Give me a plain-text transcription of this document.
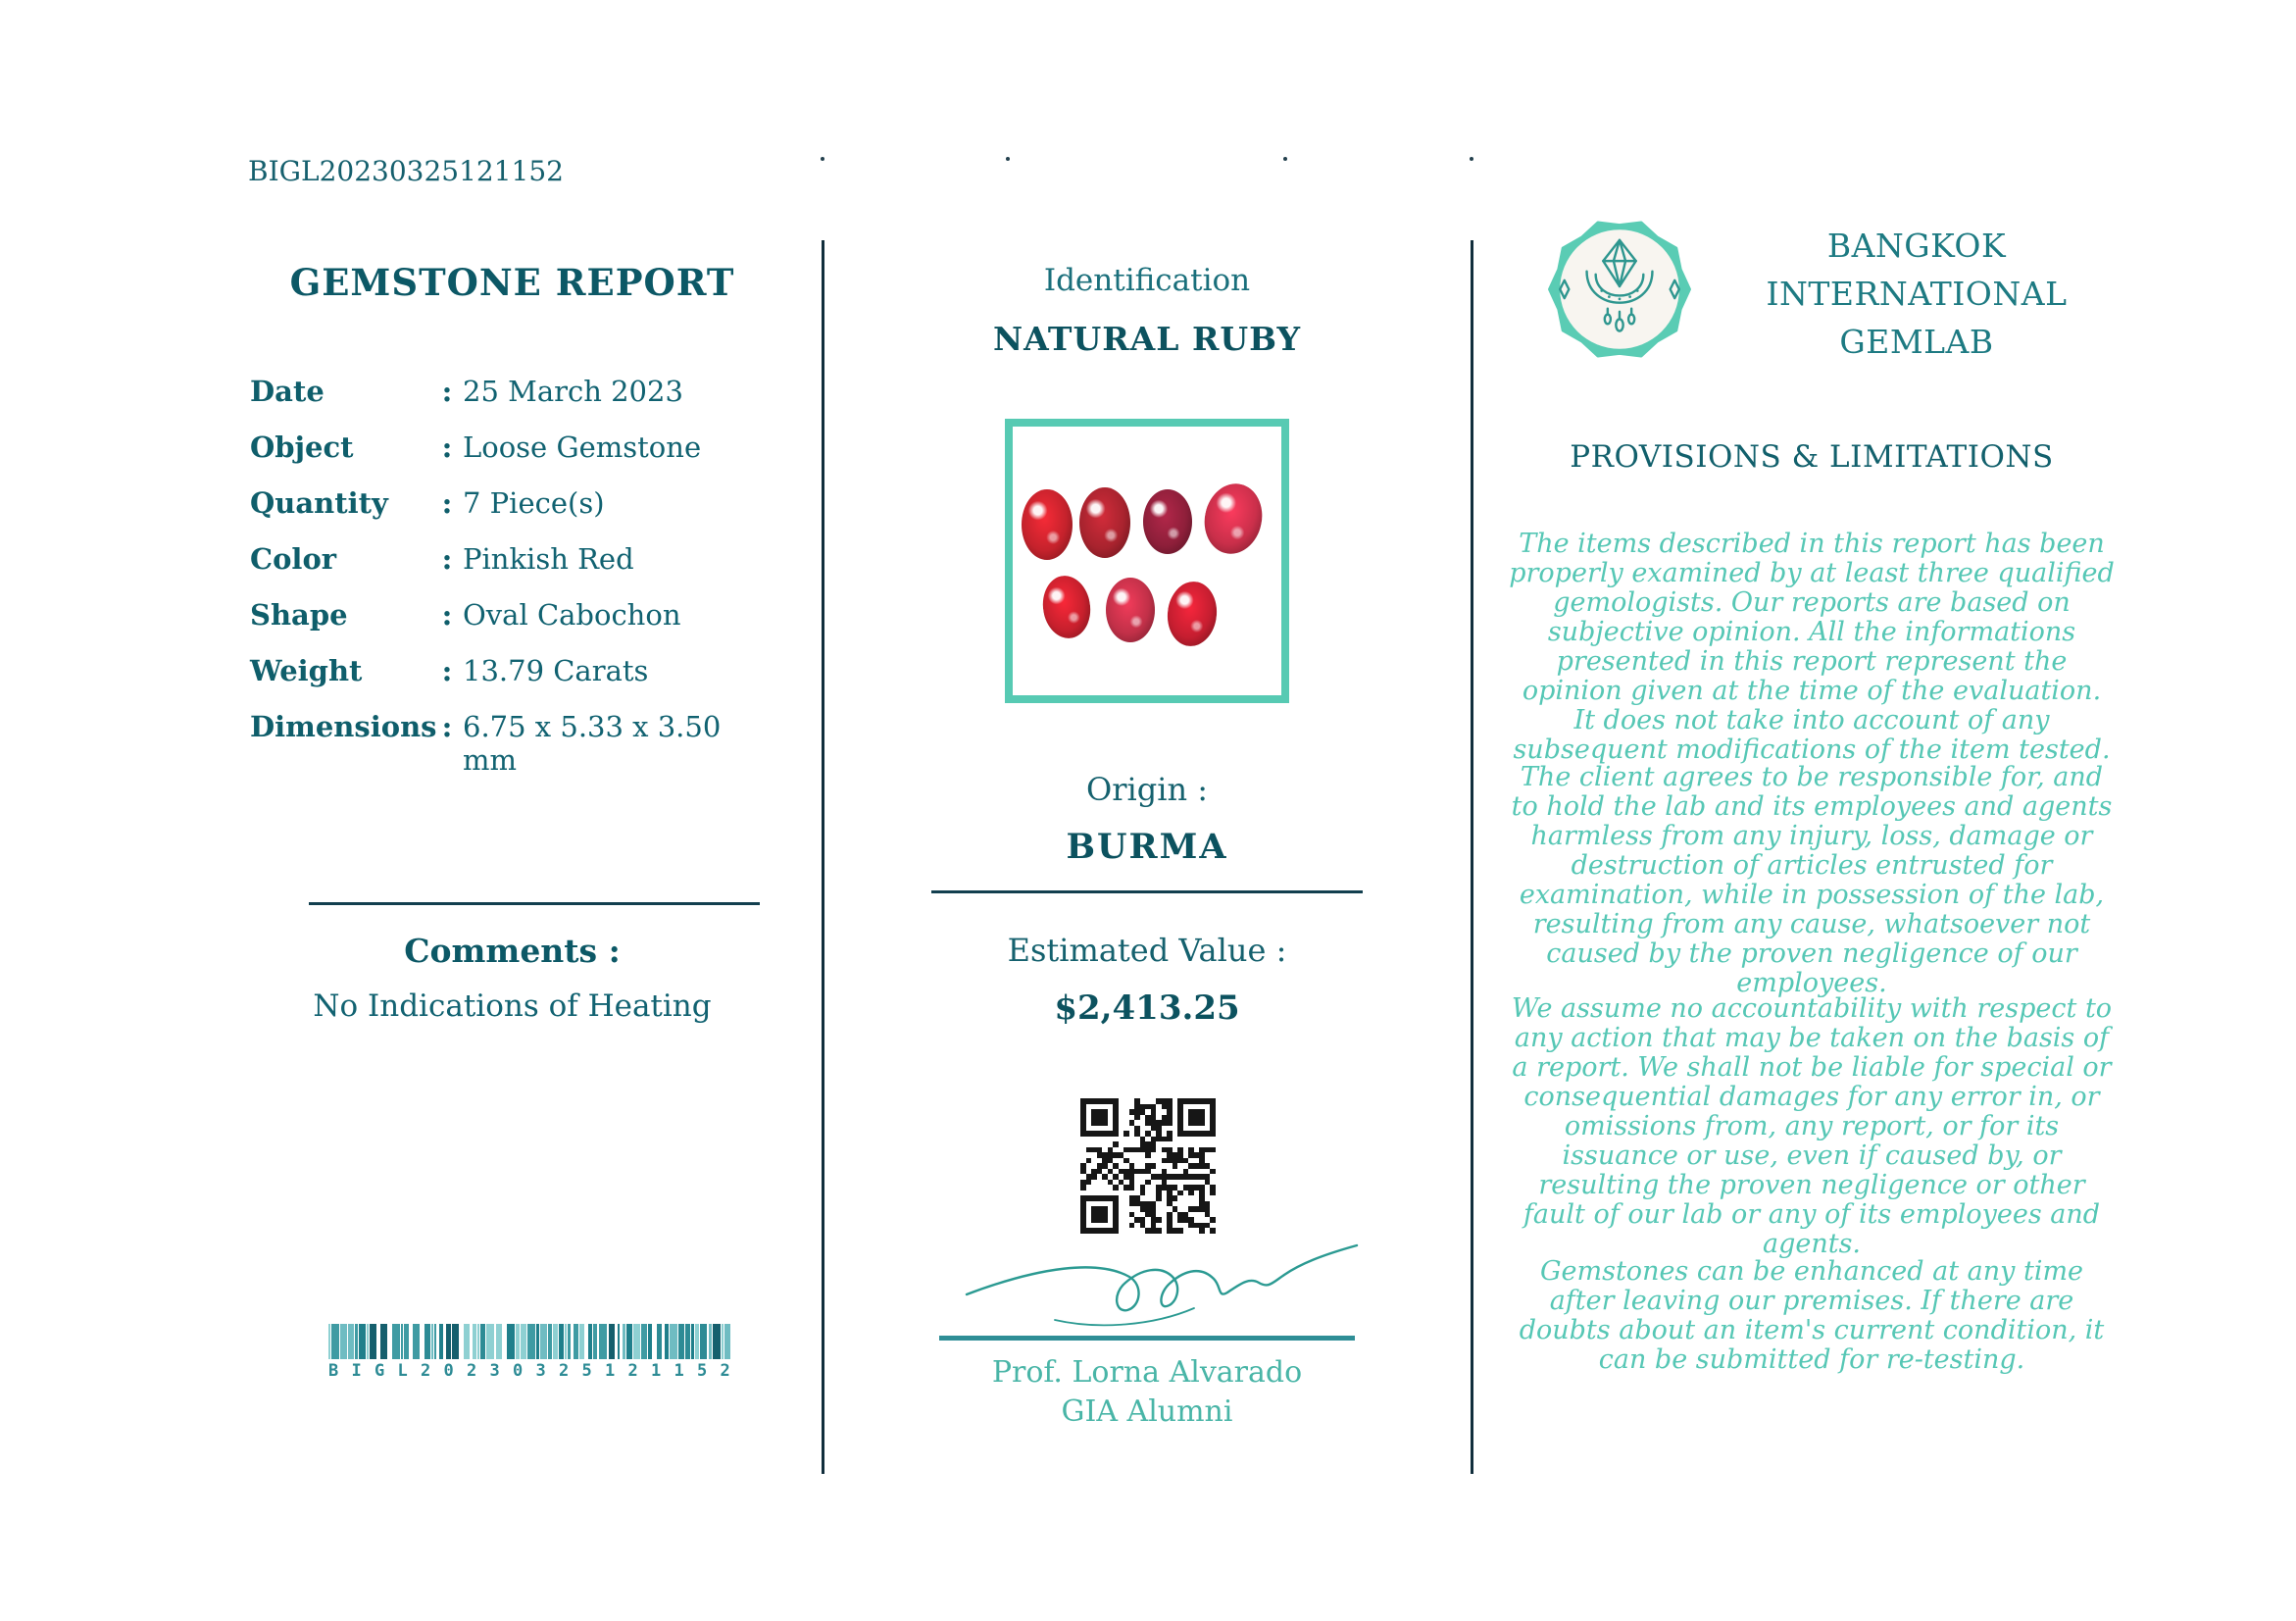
BIGL20230325121152
GEMSTONE REPORT
Date	: 25 March 2023
Object	: Loose Gemstone
Quantity	: 7 Piece(s)
Color	: Pinkish Red
Shape	: Oval Cabochon
Weight	: 13.79 Carats
Dimensions : 6.75 x 5.33 x 3.50 mm
Comments :
No Indications of Heating
B I G L 2 0 2 3 0 3 2 5 1 2 1 1 5 2
Identification
NATURAL RUBY
Origin :
BURMA
Estimated Value :
$2,413.25
Prof. Lorna Alvarado
GIA Alumni
BANGKOK
INTERNATIONAL
GEMLAB
PROVISIONS & LIMITATIONS

The items described in this report has been properly examined by at least three qualified gemologists. Our reports are based on subjective opinion. All the informations presented in this report represent the opinion given at the time of the evaluation. It does not take into account of any subsequent modifications of the item tested.

The client agrees to be responsible for, and to hold the lab and its employees and agents harmless from any injury, loss, damage or destruction of articles entrusted for examination, while in possession of the lab, resulting from any cause, whatsoever not caused by the proven negligence of our employees.

We assume no accountability with respect to any action that may be taken on the basis of a report. We shall not be liable for special or consequential damages for any error in, or omissions from, any report, or for its issuance or use, even if caused by, or resulting the proven negligence or other fault of our lab or any of its employees and agents.

Gemstones can be enhanced at any time after leaving our premises. If there are doubts about an item's current condition, it can be submitted for re-testing.
